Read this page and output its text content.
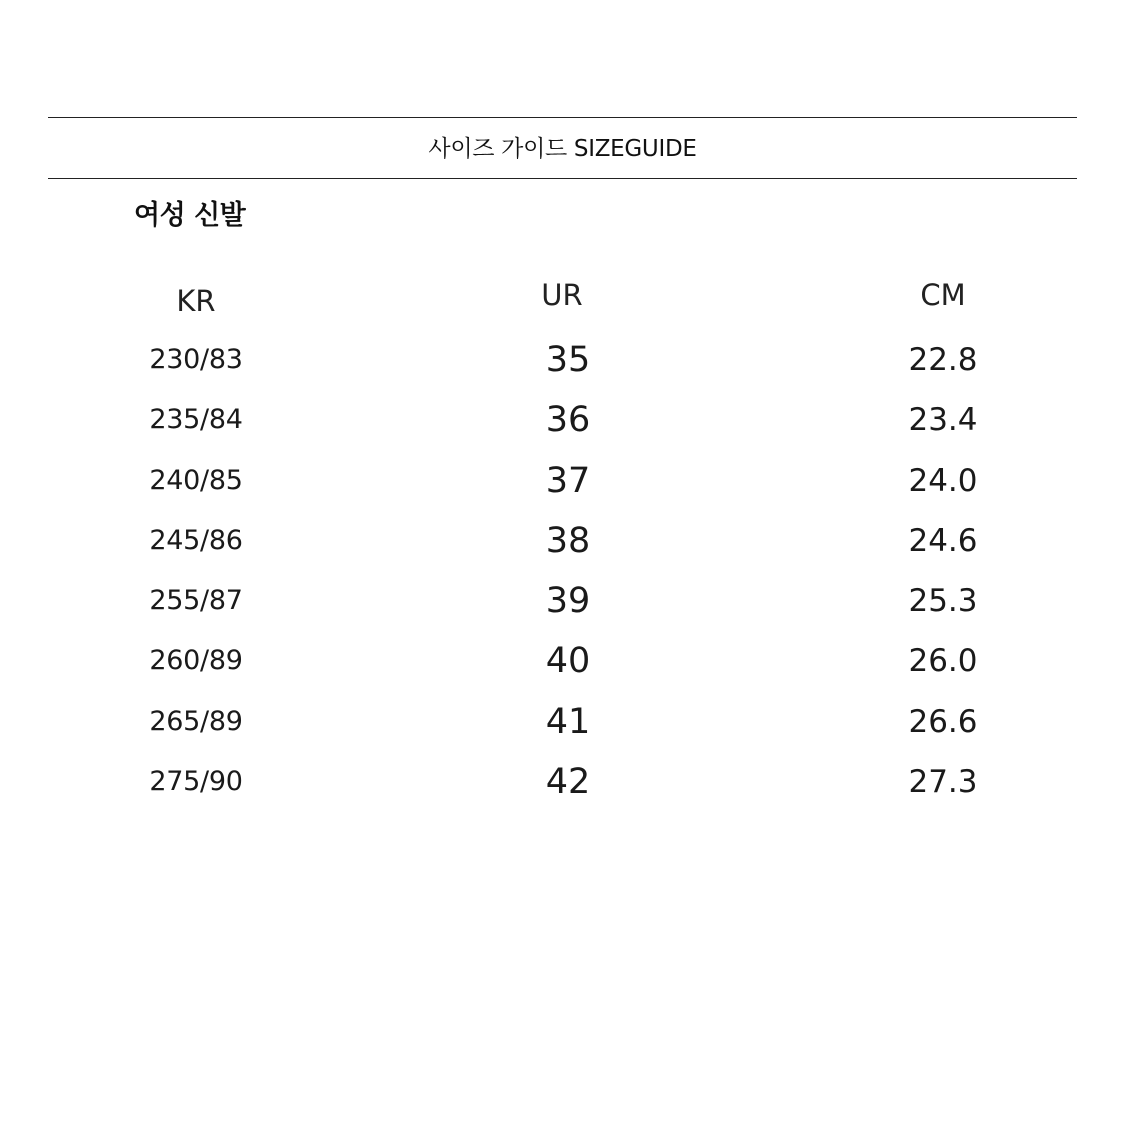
사이즈 가이드 SIZEGUIDE
여성 신발
KR	UR	CM
230/83	35	22.8
235/84	36	23.4
240/85	37	24.0
245/86	38	24.6
255/87	39	25.3
260/89	40	26.0
265/89	41	26.6
275/90	42	27.3
